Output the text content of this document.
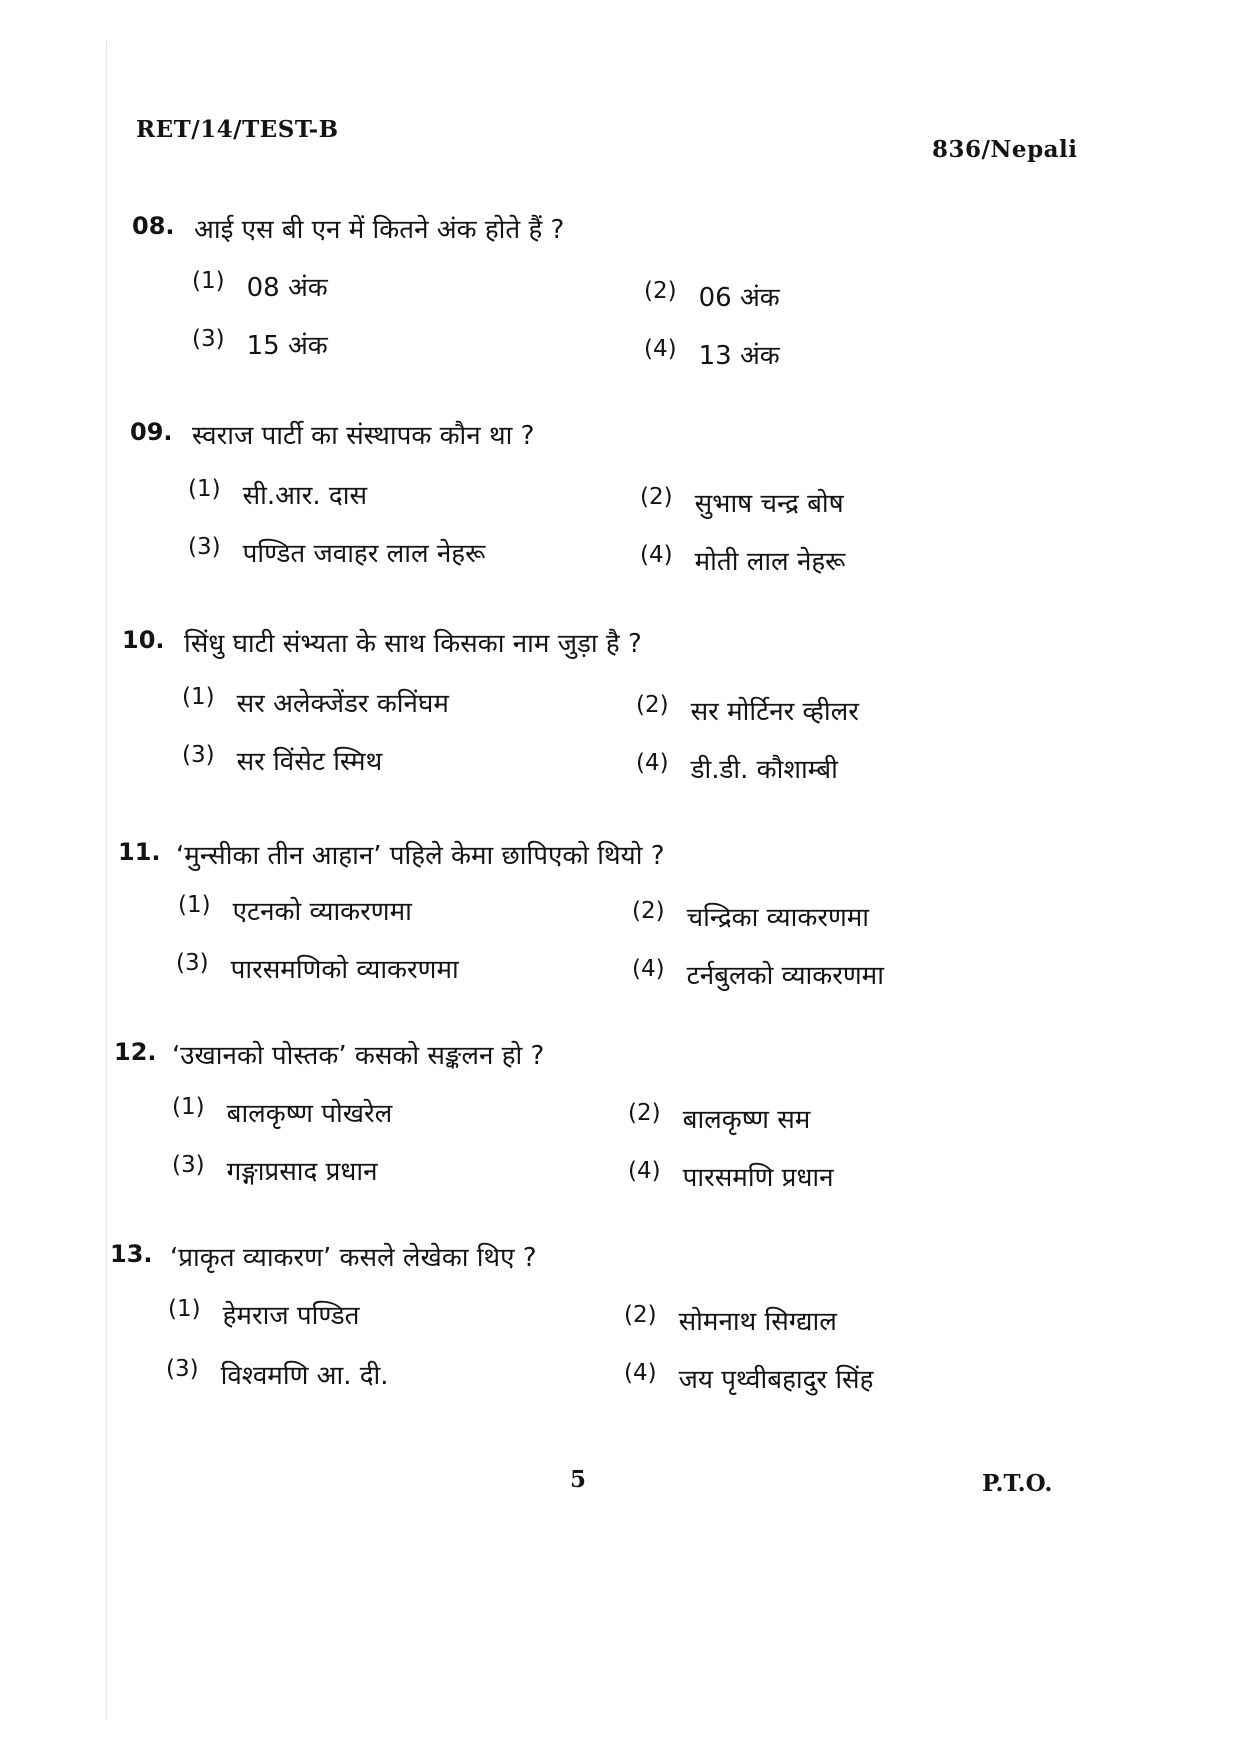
RET/14/TEST-B
836/Nepali
08. आई एस बी एन में कितने अंक होते हैं ?
(1) 08 अंक	(2) 06 अंक
(3) 15 अंक	(4) 13 अंक
09. स्वराज पार्टी का संस्थापक कौन था ?
(1) सी.आर. दास	(2) सुभाष चन्द्र बोष
(3) पण्डित जवाहर लाल नेहरू	(4) मोती लाल नेहरू
10. सिंधु घाटी संभ्यता के साथ किसका नाम जुड़ा है ?
(1) सर अलेक्जेंडर कनिंघम	(2) सर मोर्टिनर व्हीलर
(3) सर विंसेट स्मिथ	(4) डी.डी. कौशाम्बी
11. ‘मुन्सीका तीन आहान’ पहिले केमा छापिएको थियो ?
(1) एटनको व्याकरणमा	(2) चन्द्रिका व्याकरणमा
(3) पारसमणिको व्याकरणमा	(4) टर्नबुलको व्याकरणमा
12. ‘उखानको पोस्तक’ कसको सङ्कलन हो ?
(1) बालकृष्ण पोखरेल	(2) बालकृष्ण सम
(3) गङ्गाप्रसाद प्रधान	(4) पारसमणि प्रधान
13. ‘प्राकृत व्याकरण’ कसले लेखेका थिए ?
(1) हेमराज पण्डित	(2) सोमनाथ सिग्द्याल
(3) विश्वमणि आ. दी.	(4) जय पृथ्वीबहादुर सिंह
5	P.T.O.
